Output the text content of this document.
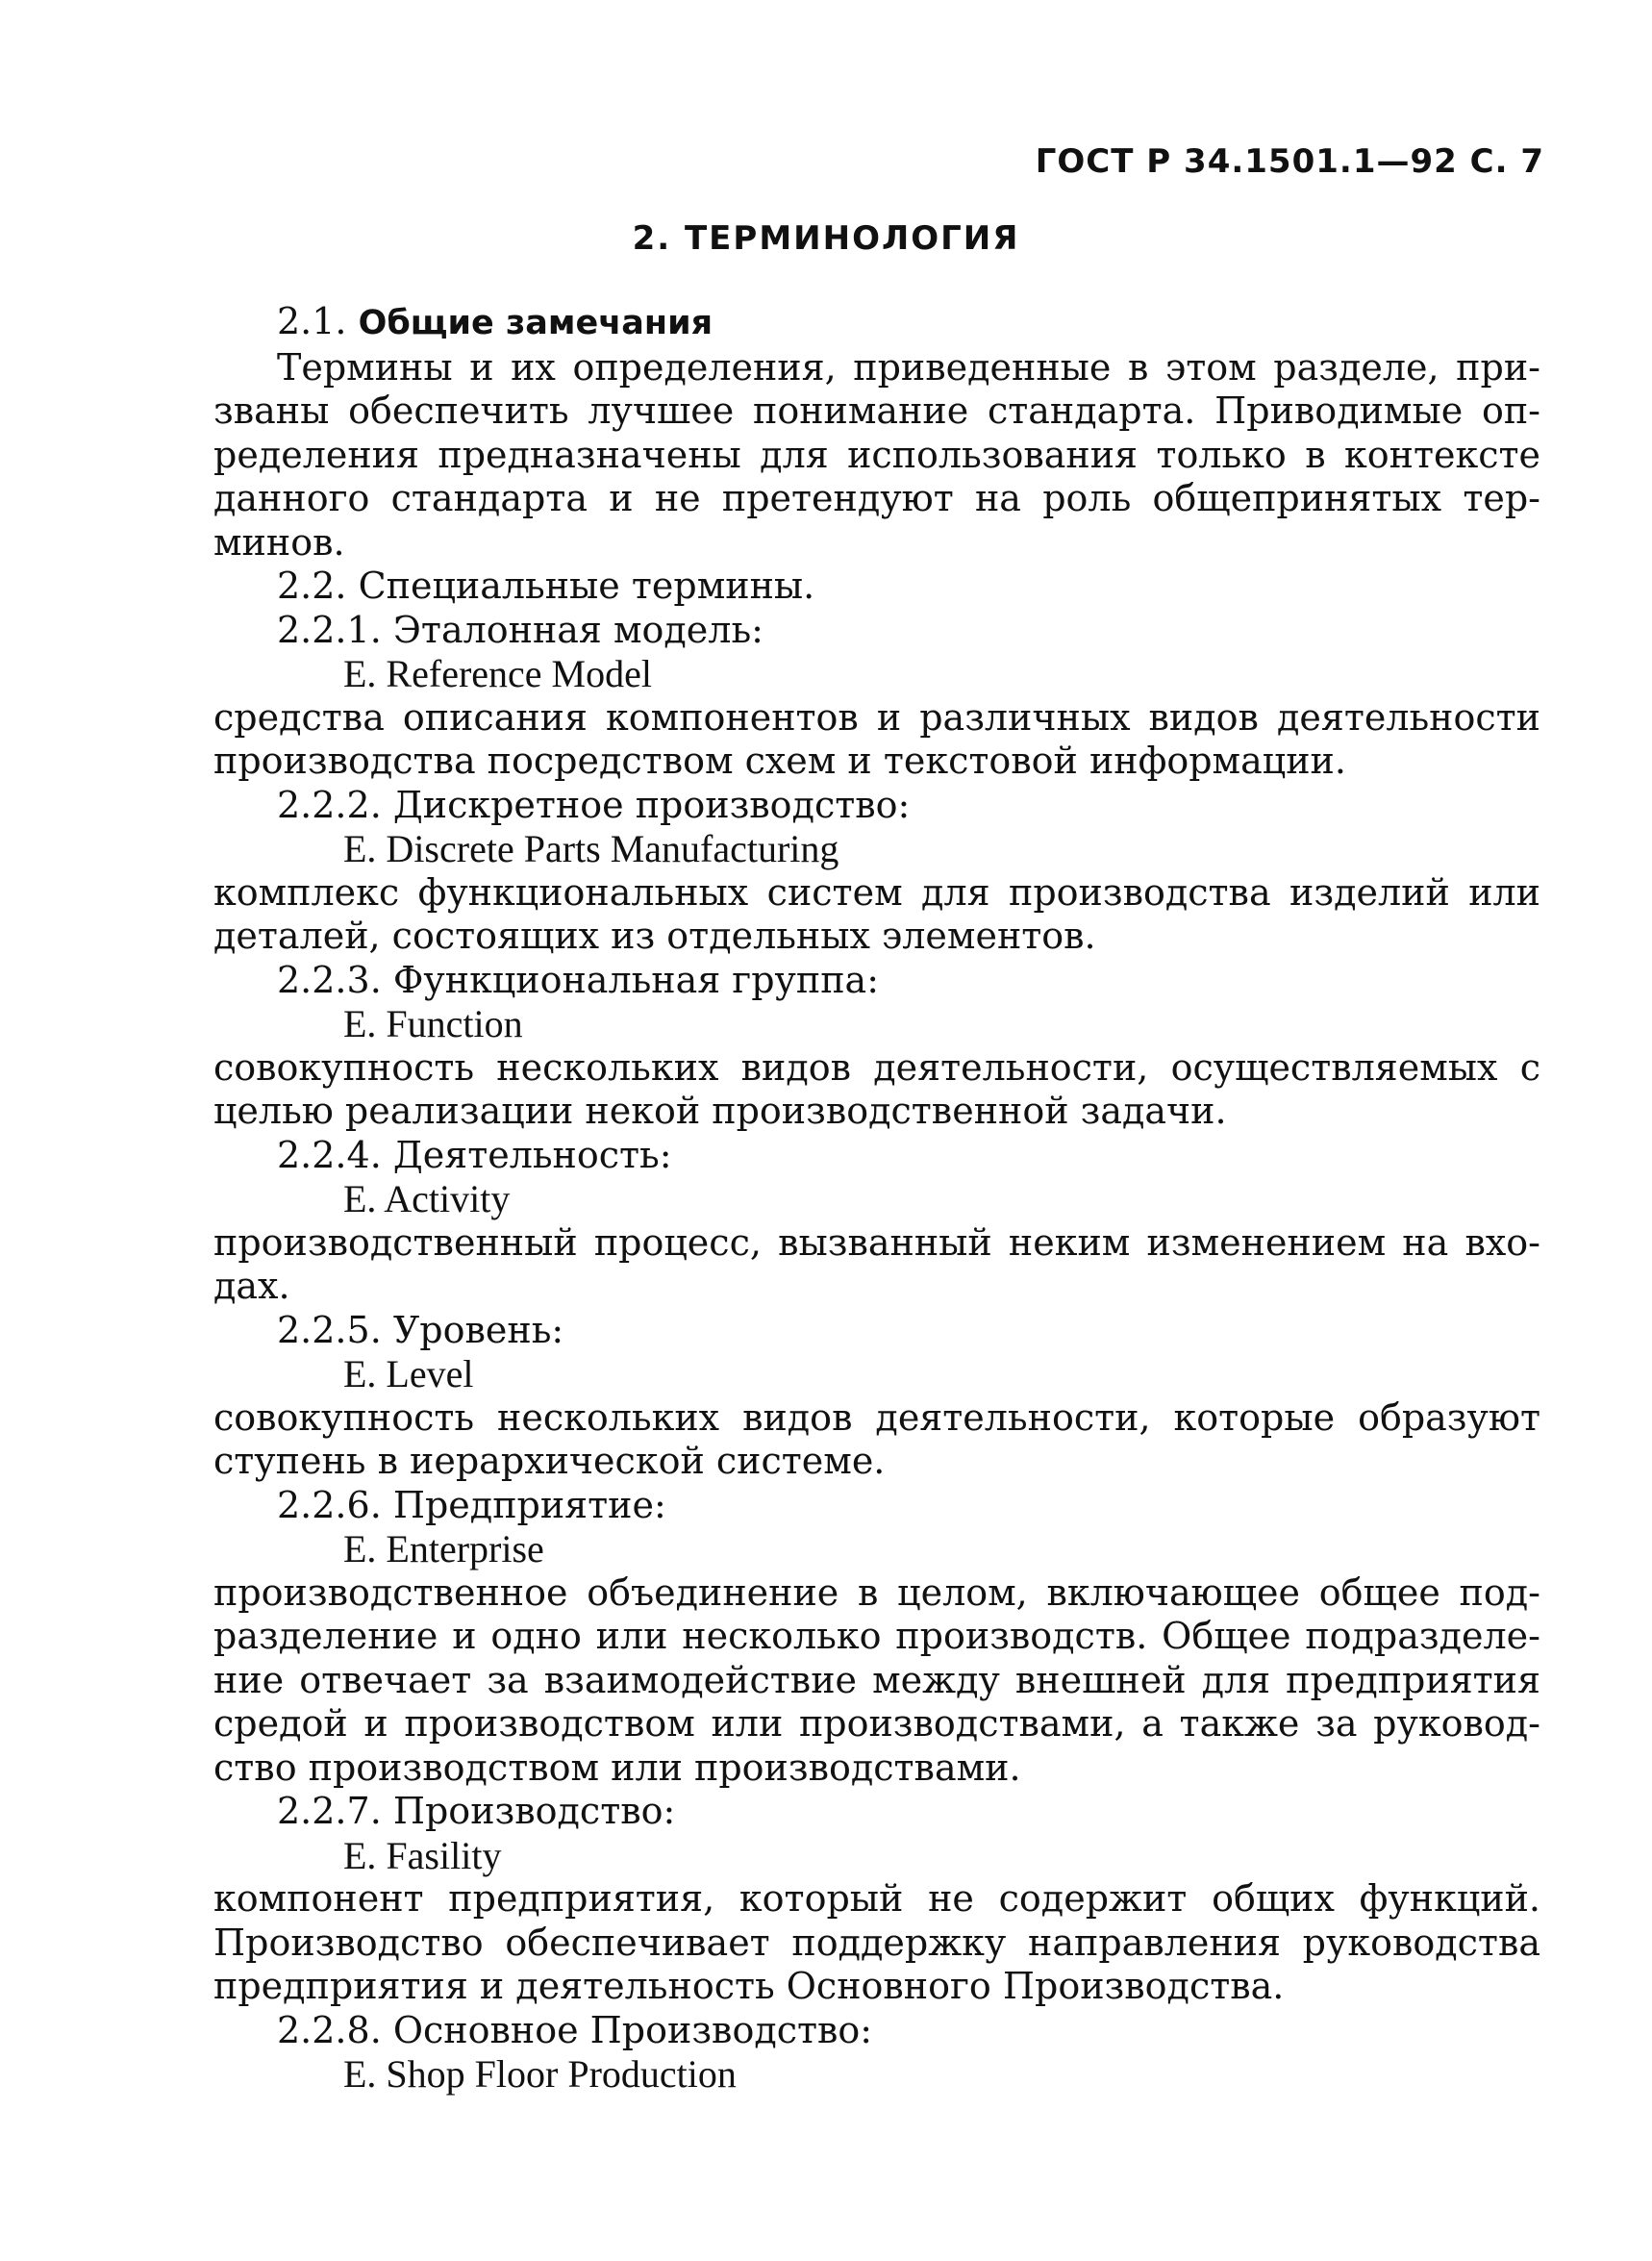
ГОСТ Р 34.1501.1—92 С. 7
2. ТЕРМИНОЛОГИЯ
2.1. Общие замечания
Термины и их определения, приведенные в этом разделе, при-
званы обеспечить лучшее понимание стандарта. Приводимые оп-
ределения предназначены для использования только в контексте
данного стандарта и не претендуют на роль общепринятых тер-
минов.
2.2. Специальные термины.
2.2.1. Эталонная модель:
E. Reference Model
средства описания компонентов и различных видов деятельности
производства посредством схем и текстовой информации.
2.2.2. Дискретное производство:
E. Discrete Parts Manufacturing
комплекс функциональных систем для производства изделий или
деталей, состоящих из отдельных элементов.
2.2.3. Функциональная группа:
E. Function
совокупность нескольких видов деятельности, осуществляемых с
целью реализации некой производственной задачи.
2.2.4. Деятельность:
E. Activity
производственный процесс, вызванный неким изменением на вхо-
дах.
2.2.5. Уровень:
E. Level
совокупность нескольких видов деятельности, которые образуют
ступень в иерархической системе.
2.2.6. Предприятие:
E. Enterprise
производственное объединение в целом, включающее общее под-
разделение и одно или несколько производств. Общее подразделе-
ние отвечает за взаимодействие между внешней для предприятия
средой и производством или производствами, а также за руковод-
ство производством или производствами.
2.2.7. Производство:
E. Fasility
компонент предприятия, который не содержит общих функций.
Производство обеспечивает поддержку направления руководства
предприятия и деятельность Основного Производства.
2.2.8. Основное Производство:
E. Shop Floor Production
